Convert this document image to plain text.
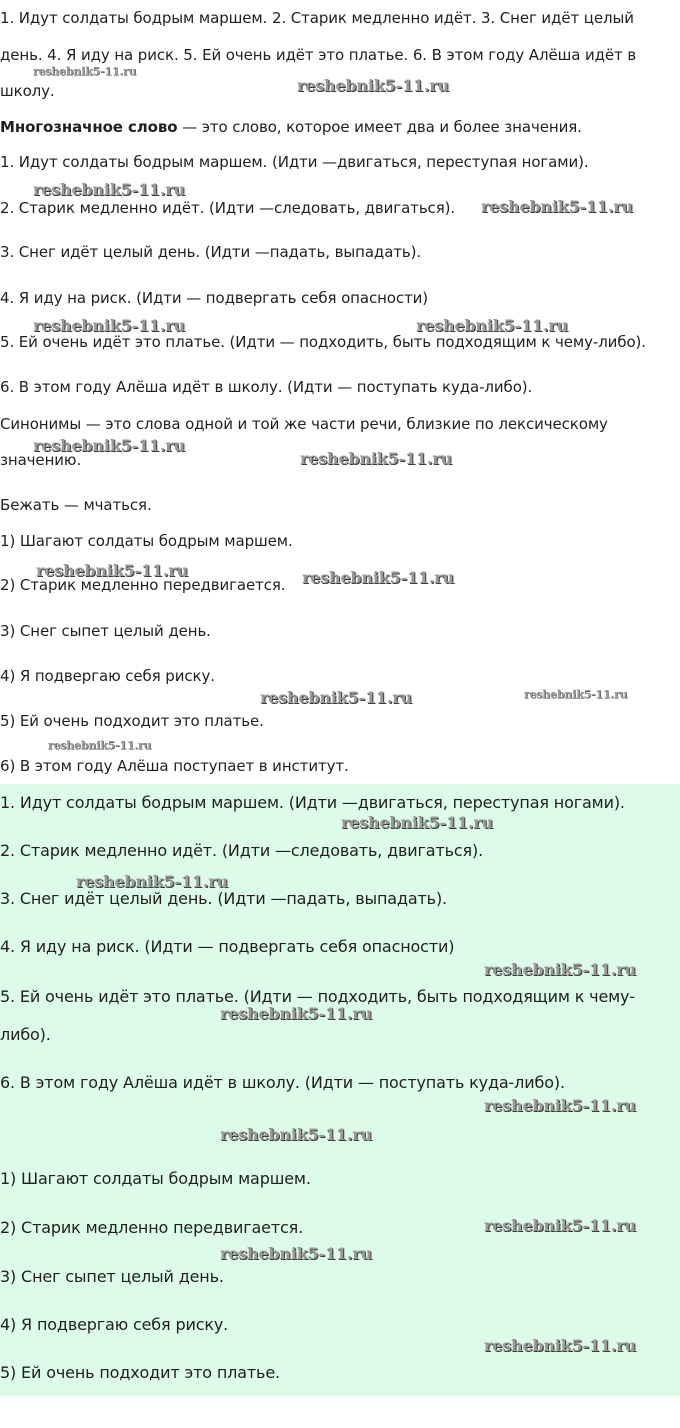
1. Идут солдаты бодрым маршем. 2. Старик медленно идёт. 3. Снег идёт целый
день. 4. Я иду на риск. 5. Ей очень идёт это платье. 6. В этом году Алёша идёт в
школу.
Многозначное слово — это слово, которое имеет два и более значения.
1. Идут солдаты бодрым маршем. (Идти —двигаться, переступая ногами).
2. Старик медленно идёт. (Идти —следовать, двигаться).
3. Снег идёт целый день. (Идти —падать, выпадать).
4. Я иду на риск. (Идти — подвергать себя опасности)
5. Ей очень идёт это платье. (Идти — подходить, быть подходящим к чему-либо).
6. В этом году Алёша идёт в школу. (Идти — поступать куда-либо).
Синонимы — это слова одной и той же части речи, близкие по лексическому
значению.
Бежать — мчаться.
1) Шагают солдаты бодрым маршем.
2) Старик медленно передвигается.
3) Снег сыпет целый день.
4) Я подвергаю себя риску.
5) Ей очень подходит это платье.
6) В этом году Алёша поступает в институт.
1. Идут солдаты бодрым маршем. (Идти —двигаться, переступая ногами).
2. Старик медленно идёт. (Идти —следовать, двигаться).
3. Снег идёт целый день. (Идти —падать, выпадать).
4. Я иду на риск. (Идти — подвергать себя опасности)
5. Ей очень идёт это платье. (Идти — подходить, быть подходящим к чему-
либо).
6. В этом году Алёша идёт в школу. (Идти — поступать куда-либо).
1) Шагают солдаты бодрым маршем.
2) Старик медленно передвигается.
3) Снег сыпет целый день.
4) Я подвергаю себя риску.
5) Ей очень подходит это платье.
reshebnik5-11.ru
reshebnik5-11.ru
reshebnik5-11.ru
reshebnik5-11.ru
reshebnik5-11.ru	reshebnik5-11.ru
reshebnik5-11.ru
reshebnik5-11.ru
reshebnik5-11.ru	reshebnik5-11.ru
reshebnik5-11.ru	reshebnik5-11.ru
reshebnik5-11.ru
reshebnik5-11.ru
reshebnik5-11.ru
reshebnik5-11.ru
reshebnik5-11.ru
reshebnik5-11.ru
reshebnik5-11.ru
reshebnik5-11.ru
reshebnik5-11.ru
reshebnik5-11.ru
